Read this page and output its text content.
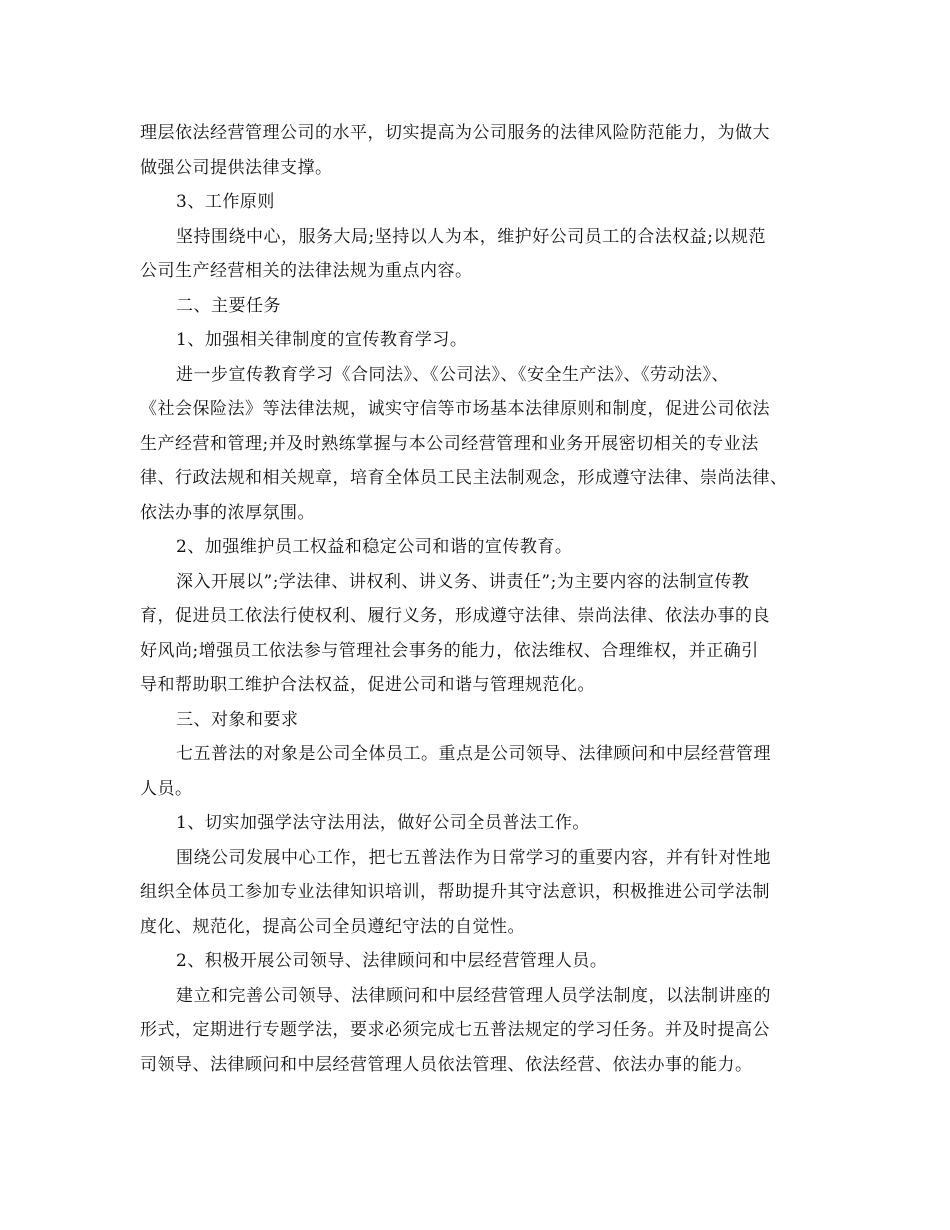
理层依法经营管理公司的水平，切实提高为公司服务的法律风险防范能力，为做大
做强公司提供法律支撑。

3、工作原则

坚持围绕中心，服务大局;坚持以人为本，维护好公司员工的合法权益;以规范
公司生产经营相关的法律法规为重点内容。

二、主要任务

1、加强相关律制度的宣传教育学习。

进一步宣传教育学习《合同法》、《公司法》、《安全生产法》、《劳动法》、
《社会保险法》等法律法规，诚实守信等市场基本法律原则和制度，促进公司依法
生产经营和管理;并及时熟练掌握与本公司经营管理和业务开展密切相关的专业法
律、行政法规和相关规章，培育全体员工民主法制观念，形成遵守法律、崇尚法律、
依法办事的浓厚氛围。

2、加强维护员工权益和稳定公司和谐的宣传教育。

深入开展以”;学法律、讲权利、讲义务、讲责任”;为主要内容的法制宣传教
育，促进员工依法行使权利、履行义务，形成遵守法律、崇尚法律、依法办事的良
好风尚;增强员工依法参与管理社会事务的能力，依法维权、合理维权，并正确引
导和帮助职工维护合法权益，促进公司和谐与管理规范化。

三、对象和要求

七五普法的对象是公司全体员工。重点是公司领导、法律顾问和中层经营管理
人员。

1、切实加强学法守法用法，做好公司全员普法工作。

围绕公司发展中心工作，把七五普法作为日常学习的重要内容，并有针对性地
组织全体员工参加专业法律知识培训，帮助提升其守法意识，积极推进公司学法制
度化、规范化，提高公司全员遵纪守法的自觉性。

2、积极开展公司领导、法律顾问和中层经营管理人员。

建立和完善公司领导、法律顾问和中层经营管理人员学法制度，以法制讲座的
形式，定期进行专题学法，要求必须完成七五普法规定的学习任务。并及时提高公
司领导、法律顾问和中层经营管理人员依法管理、依法经营、依法办事的能力。
